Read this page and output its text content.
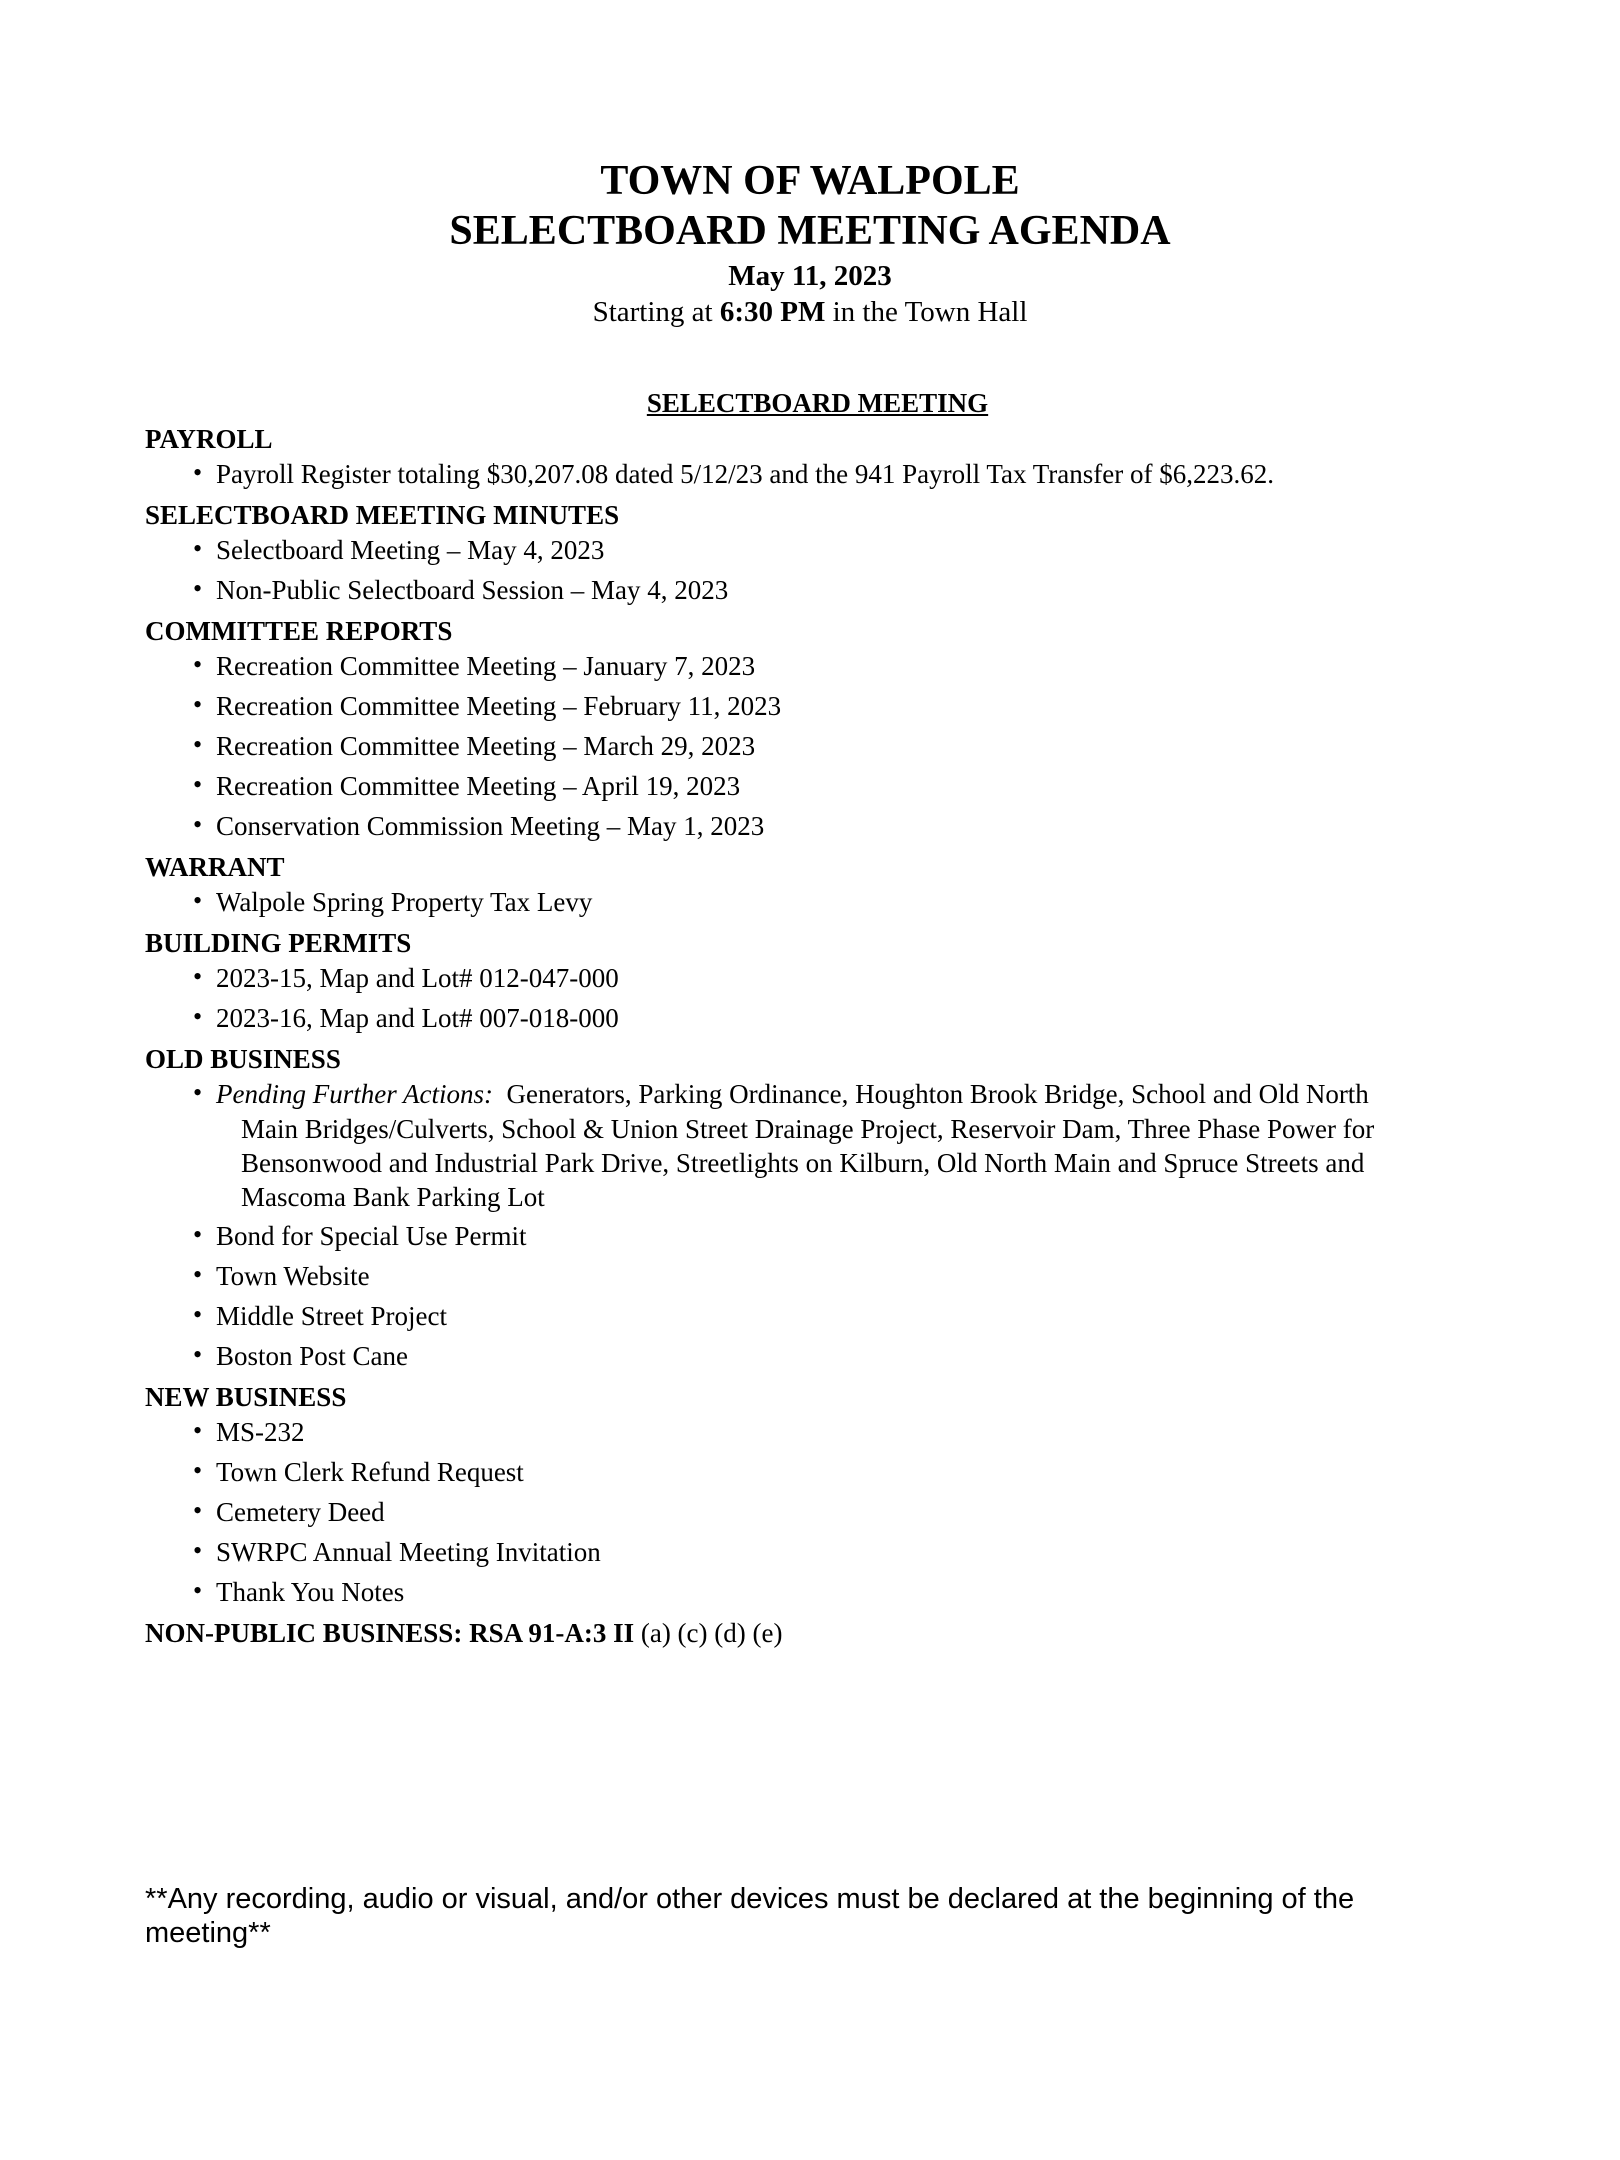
TOWN OF WALPOLE

SELECTBOARD MEETING AGENDA

May 11, 2023

Starting at 6:30 PM in the Town Hall

SELECTBOARD MEETING

PAYROLL

• Payroll Register totaling $30,207.08 dated 5/12/23 and the 941 Payroll Tax Transfer of $6,223.62.

SELECTBOARD MEETING MINUTES

• Selectboard Meeting – May 4, 2023
• Non-Public Selectboard Session – May 4, 2023

COMMITTEE REPORTS

• Recreation Committee Meeting – January 7, 2023
• Recreation Committee Meeting – February 11, 2023
• Recreation Committee Meeting – March 29, 2023
• Recreation Committee Meeting – April 19, 2023
• Conservation Commission Meeting – May 1, 2023

WARRANT

• Walpole Spring Property Tax Levy

BUILDING PERMITS

• 2023-15, Map and Lot# 012-047-000
• 2023-16, Map and Lot# 007-018-000

OLD BUSINESS

• Pending Further Actions:  Generators, Parking Ordinance, Houghton Brook Bridge, School and Old North
Main Bridges/Culverts, School & Union Street Drainage Project, Reservoir Dam, Three Phase Power for
Bensonwood and Industrial Park Drive, Streetlights on Kilburn, Old North Main and Spruce Streets and
Mascoma Bank Parking Lot
• Bond for Special Use Permit
• Town Website
• Middle Street Project
• Boston Post Cane

NEW BUSINESS

• MS-232
• Town Clerk Refund Request
• Cemetery Deed
• SWRPC Annual Meeting Invitation
• Thank You Notes

NON-PUBLIC BUSINESS: RSA 91-A:3 II (a) (c) (d) (e)

**Any recording, audio or visual, and/or other devices must be declared at the beginning of the
meeting**
